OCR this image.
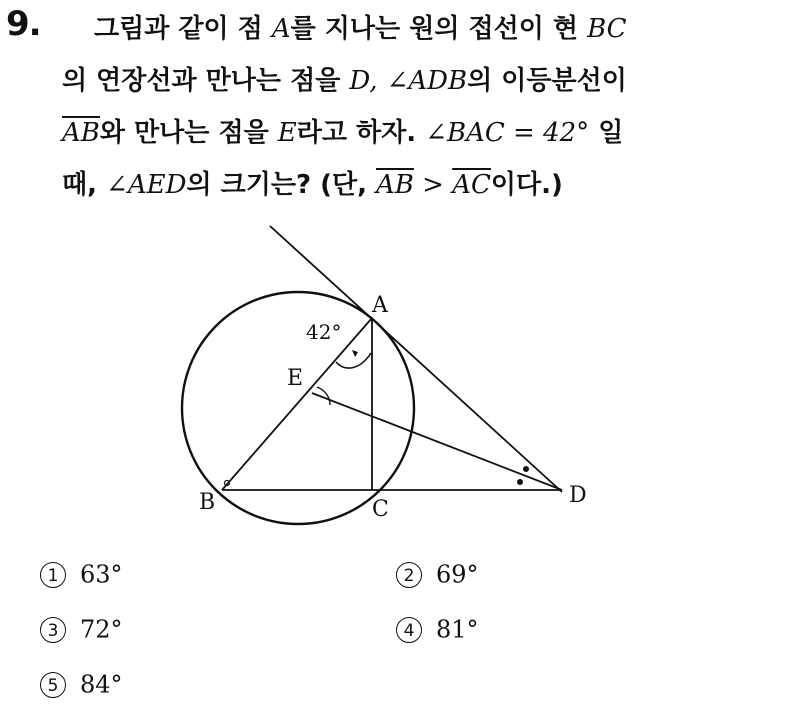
9. 그림과 같이 점 A를 지나는 원의 접선이 현 BC
의 연장선과 만나는 점을 D, ∠ADB의 이등분선이
$\overline{AB}$와 만나는 점을 E라고 하자. ∠BAC = 42° 일
때, ∠AED의 크기는? (단, $\overline{AB} > \overline{AC}$이다.)
A
B	C
D
E
42°
1 63°	2 69°
3 72°	4 81°
5 84°
